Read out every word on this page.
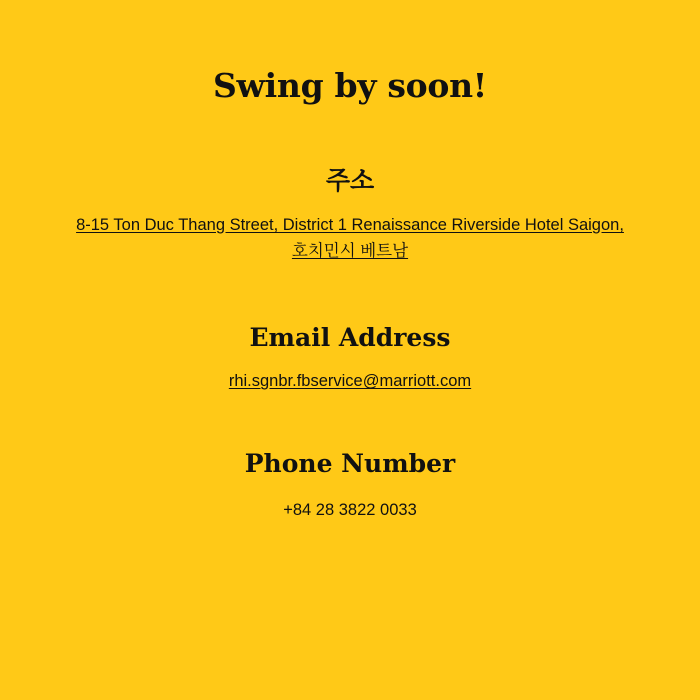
Swing by soon!
주소

8-15 Ton Duc Thang Street, District 1 Renaissance Riverside Hotel Saigon,
호치민시 베트남

Email Address
rhi.sgnbr.fbservice@marriott.com
Phone Number

+84 28 3822 0033
